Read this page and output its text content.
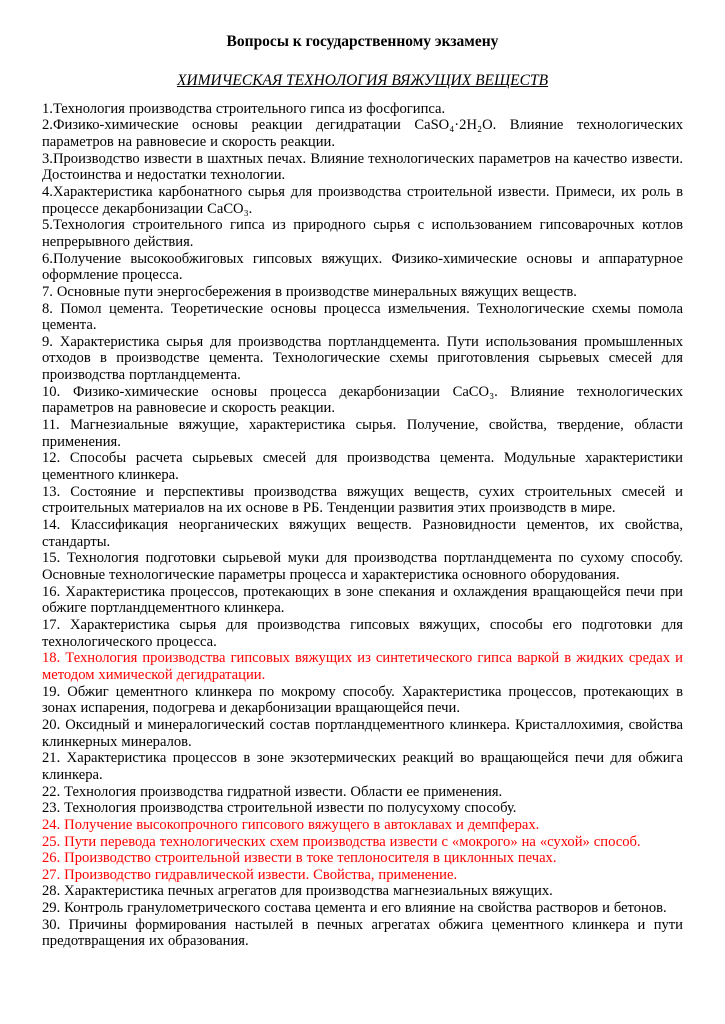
Вопросы к государственному экзамену
ХИМИЧЕСКАЯ ТЕХНОЛОГИЯ ВЯЖУЩИХ ВЕЩЕСТВ

1.Технология производства строительного гипса из фосфогипса.

2.Физико-химические основы реакции дегидратации CaSO₄·2H₂O. Влияние технологических параметров на равновесие и скорость реакции.

3.Производство извести в шахтных печах. Влияние технологических параметров на качество извести. Достоинства и недостатки технологии.

4.Характеристика карбонатного сырья для производства строительной извести. Примеси, их роль в процессе декарбонизации CaCO₃.

5.Технология строительного гипса из природного сырья с использованием гипсоварочных котлов непрерывного действия.

6.Получение высокообжиговых гипсовых вяжущих. Физико-химические основы и аппаратурное оформление процесса.

7. Основные пути энергосбережения в производстве минеральных вяжущих веществ.

8. Помол цемента. Теоретические основы процесса измельчения. Технологические схемы помола цемента.

9. Характеристика сырья для производства портландцемента. Пути использования промышленных отходов в производстве цемента. Технологические схемы приготовления сырьевых смесей для производства портландцемента.

10. Физико-химические основы процесса декарбонизации CaCO₃. Влияние технологических параметров на равновесие и скорость реакции.

11. Магнезиальные вяжущие, характеристика сырья. Получение, свойства, твердение, области применения.

12. Способы расчета сырьевых смесей для производства цемента. Модульные характеристики цементного клинкера.

13. Состояние и перспективы производства вяжущих веществ, сухих строительных смесей и строительных материалов на их основе в РБ. Тенденции развития этих производств в мире.

14. Классификация неорганических вяжущих веществ. Разновидности цементов, их свойства, стандарты.

15. Технология подготовки сырьевой муки для производства портландцемента по сухому способу. Основные технологические параметры процесса и характеристика основного оборудования.

16. Характеристика процессов, протекающих в зоне спекания и охлаждения вращающейся печи при обжиге портландцементного клинкера.

17. Характеристика сырья для производства гипсовых вяжущих, способы его подготовки для технологического процесса.

18. Технология производства гипсовых вяжущих из синтетического гипса варкой в жидких средах и методом химической дегидратации.

19. Обжиг цементного клинкера по мокрому способу. Характеристика процессов, протекающих в зонах испарения, подогрева и декарбонизации вращающейся печи.

20. Оксидный и минералогический состав портландцементного клинкера. Кристаллохимия, свойства клинкерных минералов.

21. Характеристика процессов в зоне экзотермических реакций во вращающейся печи для обжига клинкера.

22. Технология производства гидратной извести. Области ее применения.

23. Технология производства строительной извести по полусухому способу.

24. Получение высокопрочного гипсового вяжущего в автоклавах и демпферах.

25. Пути перевода технологических схем производства извести с «мокрого» на «сухой» способ.

26. Производство строительной извести в токе теплоносителя в циклонных печах.

27. Производство гидравлической извести. Свойства, применение.

28. Характеристика печных агрегатов для производства магнезиальных вяжущих.

29. Контроль гранулометрического состава цемента и его влияние на свойства растворов и бетонов.

30. Причины формирования настылей в печных агрегатах обжига цементного клинкера и пути предотвращения их образования.
